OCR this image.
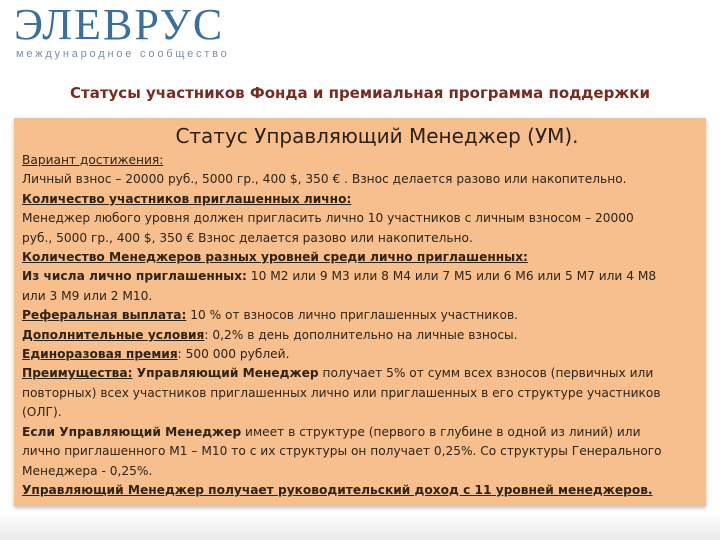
ЭЛЕВРУС
международное сообщество
Статусы участников Фонда и премиальная программа поддержки
Статус Управляющий Менеджер (УМ).
Вариант достижения:
Личный взнос – 20000 руб., 5000 гр., 400 $, 350 € . Взнос делается разово или накопительно.
Количество участников приглашенных лично:
Менеджер любого уровня должен пригласить лично 10 участников с личным взносом – 20000
руб., 5000 гр., 400 $, 350 € Взнос делается разово или накопительно.
Количество Менеджеров разных уровней среди лично приглашенных:
Из числа лично приглашенных: 10 М2 или 9 М3 или 8 М4 или 7 М5 или 6 М6 или 5 М7 или 4 М8
или 3 М9 или 2 М10.
Реферальная выплата: 10 % от взносов лично приглашенных участников.
Дополнительные условия: 0,2% в день дополнительно на личные взносы.
Единоразовая премия: 500 000 рублей.
Преимущества: Управляющий Менеджер получает 5% от сумм всех взносов (первичных или
повторных) всех участников приглашенных лично или приглашенных в его структуре участников
(ОЛГ).
Если Управляющий Менеджер имеет в структуре (первого в глубине в одной из линий) или
лично приглашенного М1 – М10 то с их структуры он получает 0,25%. Со структуры Генерального
Менеджера - 0,25%.
Управляющий Менеджер получает руководительский доход с 11 уровней менеджеров.
